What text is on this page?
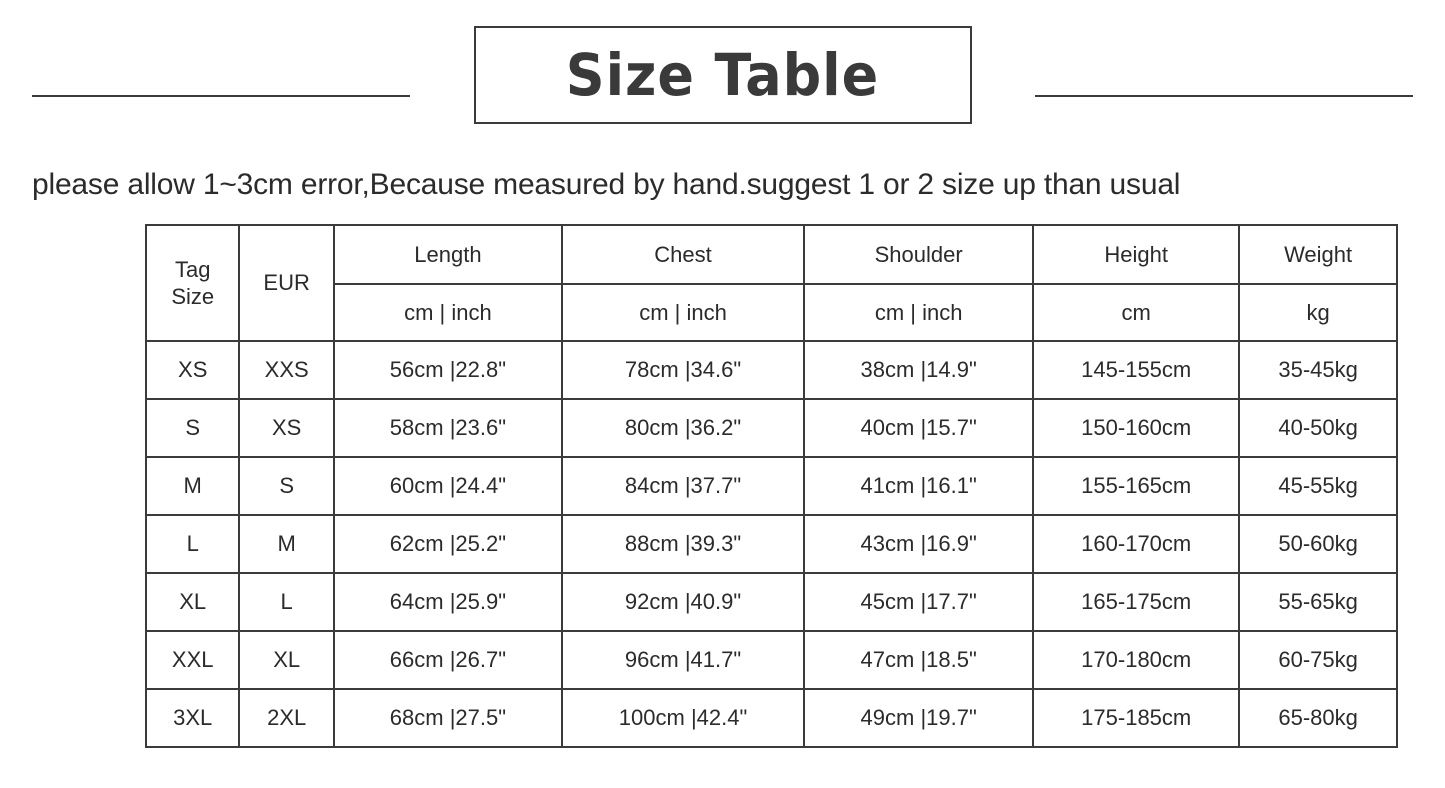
Size Table
please allow 1~3cm error,Because measured by hand.suggest 1 or 2 size up than usual
Tag
Size	EUR	Length	Chest	Shoulder	Height	Weight
		cm | inch	cm | inch	cm | inch	cm	kg
XS	XXS	56cm |22.8"	78cm |34.6"	38cm |14.9"	145-155cm	35-45kg
S	XS	58cm |23.6"	80cm |36.2"	40cm |15.7"	150-160cm	40-50kg
M	S	60cm |24.4"	84cm |37.7"	41cm |16.1"	155-165cm	45-55kg
L	M	62cm |25.2"	88cm |39.3"	43cm |16.9"	160-170cm	50-60kg
XL	L	64cm |25.9"	92cm |40.9"	45cm |17.7"	165-175cm	55-65kg
XXL	XL	66cm |26.7"	96cm |41.7"	47cm |18.5"	170-180cm	60-75kg
3XL	2XL	68cm |27.5"	100cm |42.4"	49cm |19.7"	175-185cm	65-80kg
